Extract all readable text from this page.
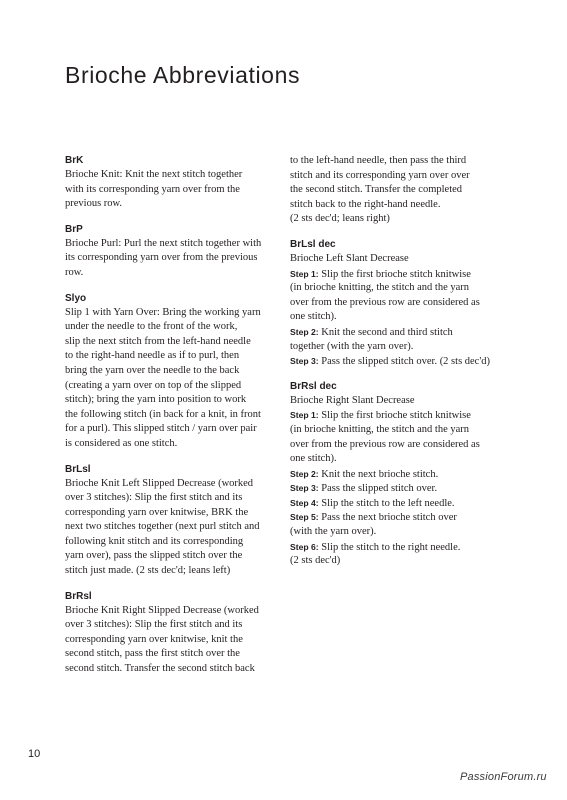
Brioche Abbreviations
BrK
Brioche Knit: Knit the next stitch together
with its corresponding yarn over from the
previous row.
BrP
Brioche Purl: Purl the next stitch together with
its corresponding yarn over from the previous
row.
Slyo
Slip 1 with Yarn Over: Bring the working yarn
under the needle to the front of the work,
slip the next stitch from the left-hand needle
to the right-hand needle as if to purl, then
bring the yarn over the needle to the back
(creating a yarn over on top of the slipped
stitch); bring the yarn into position to work
the following stitch (in back for a knit, in front
for a purl). This slipped stitch / yarn over pair
is considered as one stitch.
BrLsl
Brioche Knit Left Slipped Decrease (worked
over 3 stitches): Slip the first stitch and its
corresponding yarn over knitwise, BRK the
next two stitches together (next purl stitch and
following knit stitch and its corresponding
yarn over), pass the slipped stitch over the
stitch just made. (2 sts dec'd; leans left)
BrRsl
Brioche Knit Right Slipped Decrease (worked
over 3 stitches): Slip the first stitch and its
corresponding yarn over knitwise, knit the
second stitch, pass the first stitch over the
second stitch. Transfer the second stitch back
to the left-hand needle, then pass the third
stitch and its corresponding yarn over over
the second stitch. Transfer the completed
stitch back to the right-hand needle.
(2 sts dec'd; leans right)
BrLsl dec
Brioche Left Slant Decrease
Step 1: Slip the first brioche stitch knitwise
(in brioche knitting, the stitch and the yarn
over from the previous row are considered as
one stitch).
Step 2: Knit the second and third stitch
together (with the yarn over).
Step 3: Pass the slipped stitch over. (2 sts dec'd)
BrRsl dec
Brioche Right Slant Decrease
Step 1: Slip the first brioche stitch knitwise
(in brioche knitting, the stitch and the yarn
over from the previous row are considered as
one stitch).
Step 2: Knit the next brioche stitch.
Step 3: Pass the slipped stitch over.
Step 4: Slip the stitch to the left needle.
Step 5: Pass the next brioche stitch over
(with the yarn over).
Step 6: Slip the stitch to the right needle.
(2 sts dec'd)
10
PassionForum.ru
